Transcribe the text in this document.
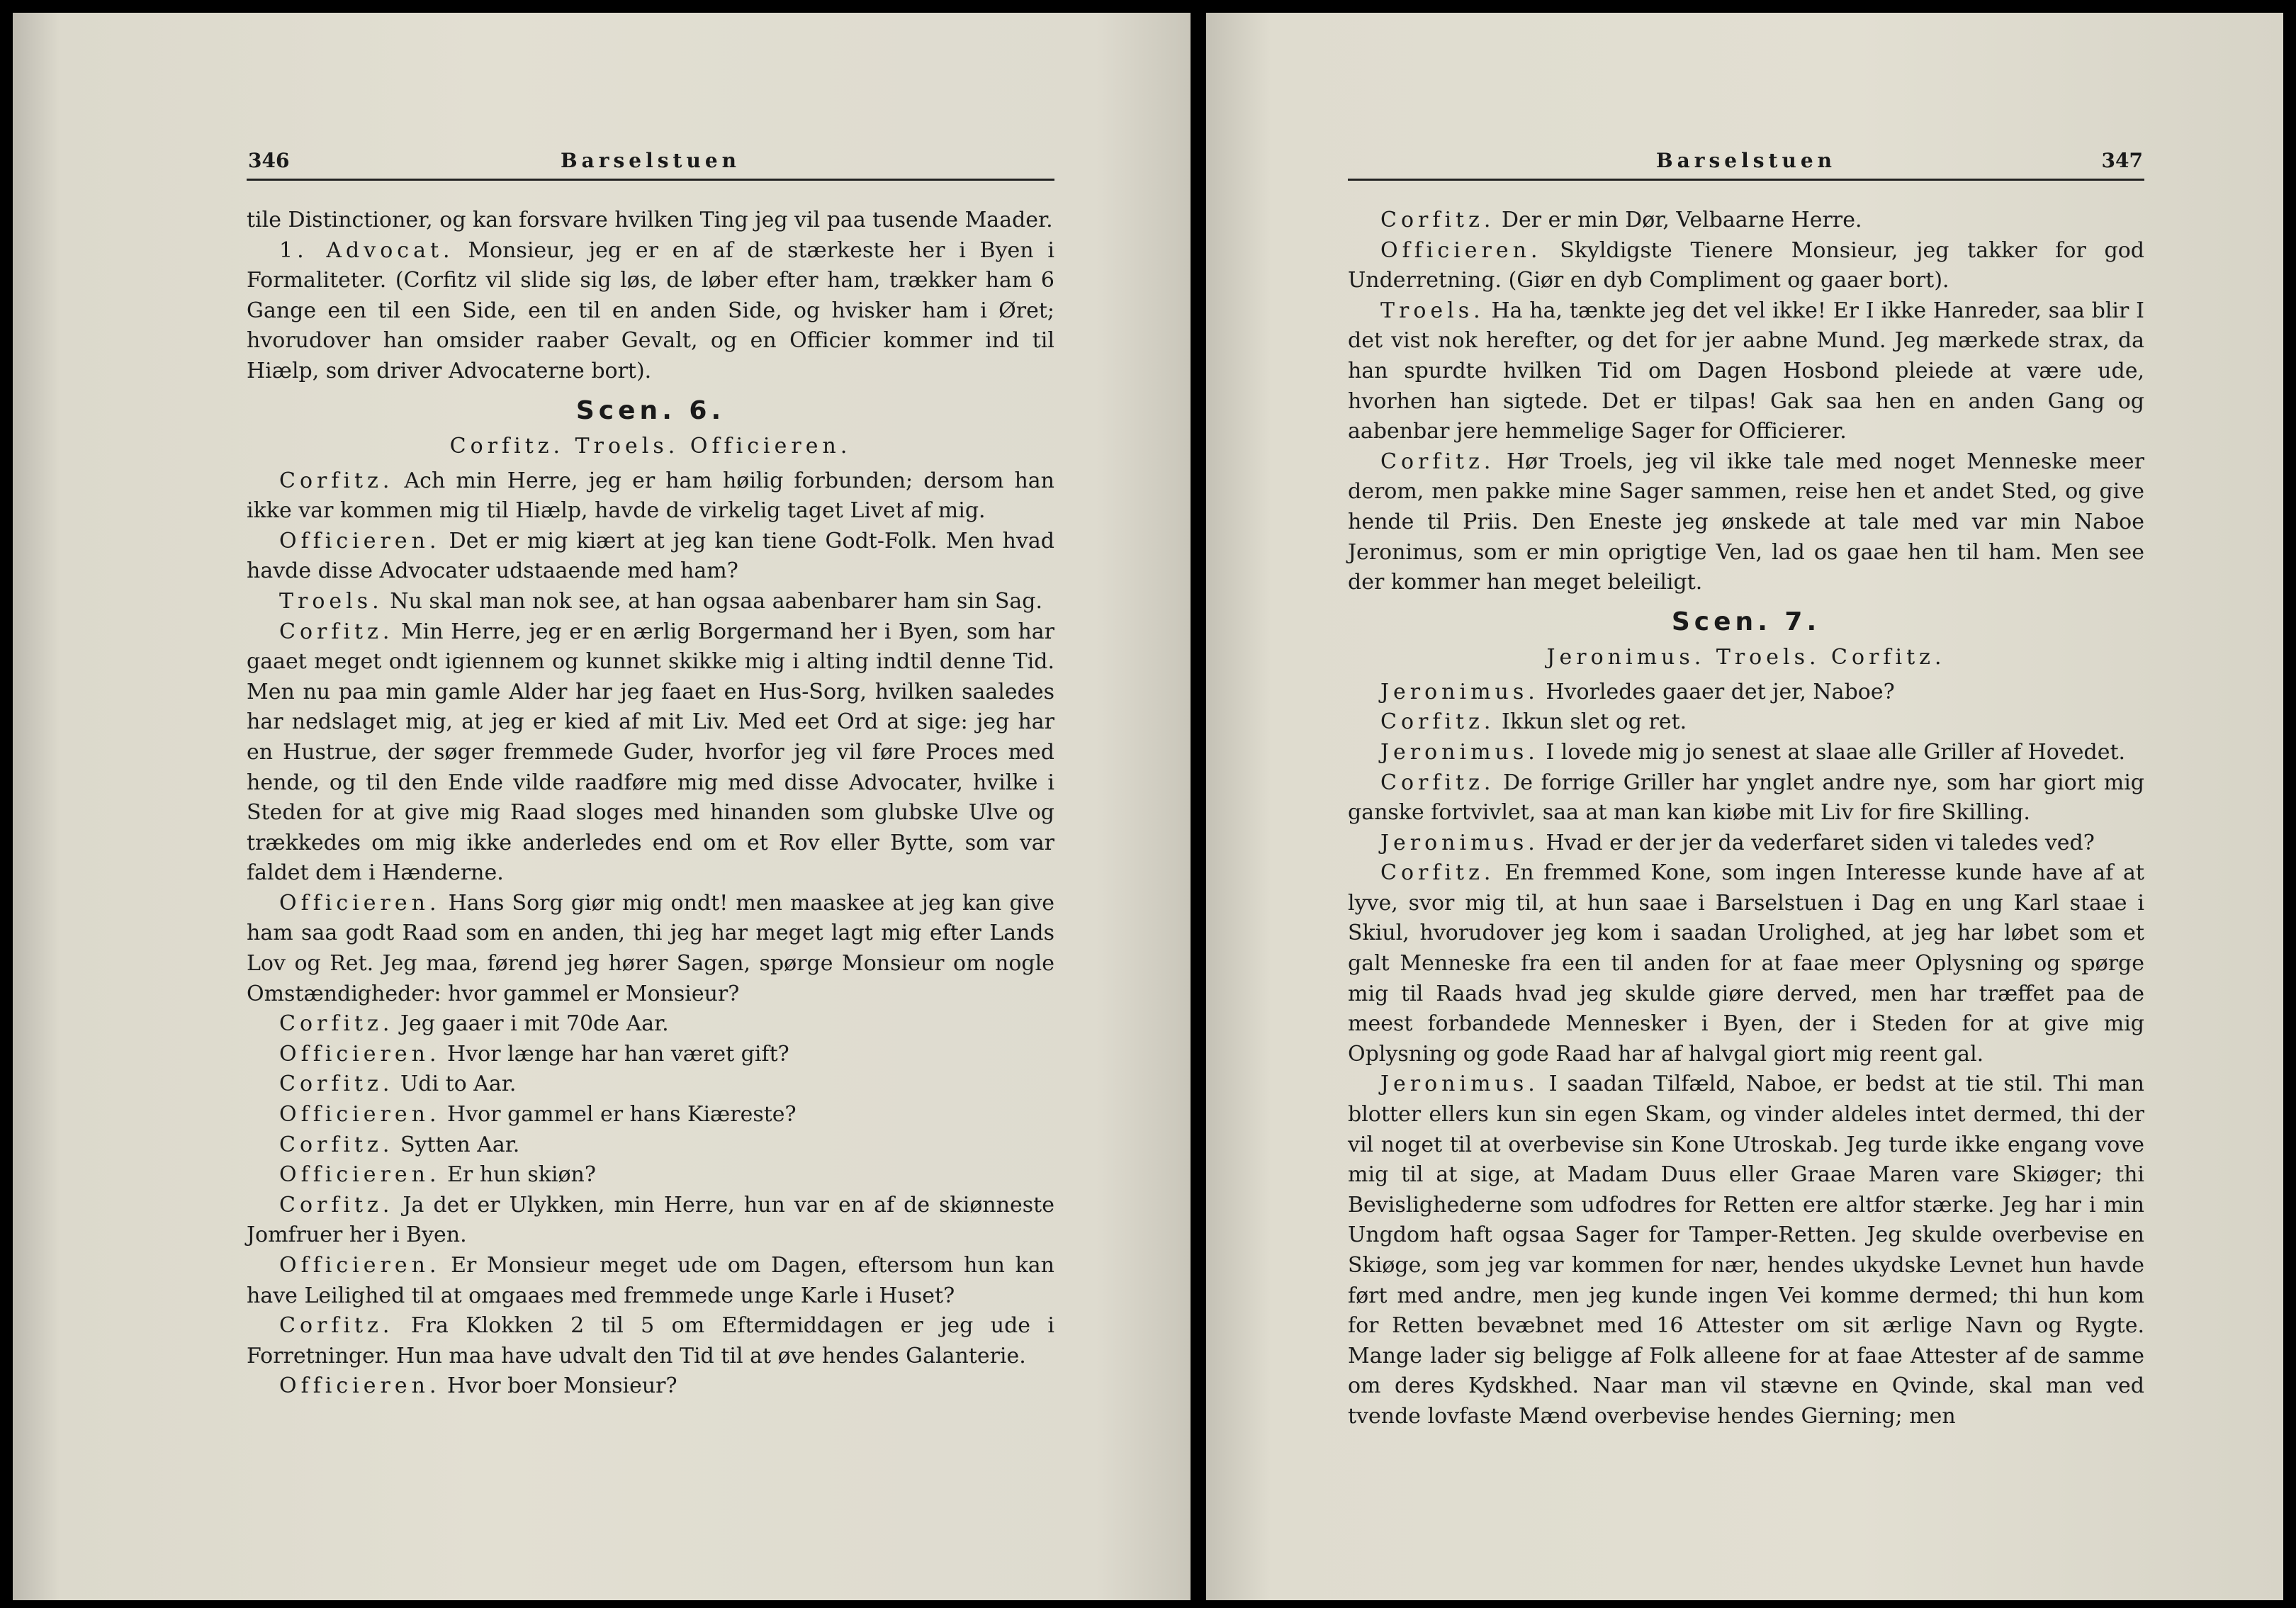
346	Barselstuen

tile Distinctioner, og kan forsvare hvilken Ting jeg vil paa tusende Maader.

1. Advocat. Monsieur, jeg er en af de stærkeste her i Byen i Formaliteter. (Corfitz vil slide sig løs, de løber efter ham, trækker ham 6 Gange een til een Side, een til en anden Side, og hvisker ham i Øret; hvorudover han omsider raaber Gevalt, og en Officier kommer ind til Hiælp, som driver Advocaterne bort).

Scen. 6.
Corfitz. Troels. Officieren.

Corfitz. Ach min Herre, jeg er ham høilig forbunden; dersom han ikke var kommen mig til Hiælp, havde de virkelig taget Livet af mig.

Officieren. Det er mig kiært at jeg kan tiene Godt-Folk. Men hvad havde disse Advocater udstaaende med ham?

Troels. Nu skal man nok see, at han ogsaa aabenbarer ham sin Sag.

Corfitz. Min Herre, jeg er en ærlig Borgermand her i Byen, som har gaaet meget ondt igiennem og kunnet skikke mig i alting indtil denne Tid. Men nu paa min gamle Alder har jeg faaet en Hus-Sorg, hvilken saaledes har nedslaget mig, at jeg er kied af mit Liv. Med eet Ord at sige: jeg har en Hustrue, der søger fremmede Guder, hvorfor jeg vil føre Proces med hende, og til den Ende vilde raadføre mig med disse Advocater, hvilke i Steden for at give mig Raad sloges med hinanden som glubske Ulve og trækkedes om mig ikke anderledes end om et Rov eller Bytte, som var faldet dem i Hænderne.

Officieren. Hans Sorg giør mig ondt! men maaskee at jeg kan give ham saa godt Raad som en anden, thi jeg har meget lagt mig efter Lands Lov og Ret. Jeg maa, førend jeg hører Sagen, spørge Monsieur om nogle Omstændigheder: hvor gammel er Monsieur?

Corfitz. Jeg gaaer i mit 70de Aar.

Officieren. Hvor længe har han været gift?

Corfitz. Udi to Aar.

Officieren. Hvor gammel er hans Kiæreste?

Corfitz. Sytten Aar.

Officieren. Er hun skiøn?

Corfitz. Ja det er Ulykken, min Herre, hun var en af de skiønneste Jomfruer her i Byen.

Officieren. Er Monsieur meget ude om Dagen, eftersom hun kan have Leilighed til at omgaaes med fremmede unge Karle i Huset?

Corfitz. Fra Klokken 2 til 5 om Eftermiddagen er jeg ude i Forretninger. Hun maa have udvalt den Tid til at øve hendes Galanterie.

Officieren. Hvor boer Monsieur?

Barselstuen	347

Corfitz. Der er min Dør, Velbaarne Herre.

Officieren. Skyldigste Tienere Monsieur, jeg takker for god Underretning. (Giør en dyb Compliment og gaaer bort).

Troels. Ha ha, tænkte jeg det vel ikke! Er I ikke Hanreder, saa blir I det vist nok herefter, og det for jer aabne Mund. Jeg mærkede strax, da han spurdte hvilken Tid om Dagen Hosbond pleiede at være ude, hvorhen han sigtede. Det er tilpas! Gak saa hen en anden Gang og aabenbar jere hemmelige Sager for Officierer.

Corfitz. Hør Troels, jeg vil ikke tale med noget Menneske meer derom, men pakke mine Sager sammen, reise hen et andet Sted, og give hende til Priis. Den Eneste jeg ønskede at tale med var min Naboe Jeronimus, som er min oprigtige Ven, lad os gaae hen til ham. Men see der kommer han meget beleiligt.

Scen. 7.
Jeronimus. Troels. Corfitz.

Jeronimus. Hvorledes gaaer det jer, Naboe?

Corfitz. Ikkun slet og ret.

Jeronimus. I lovede mig jo senest at slaae alle Griller af Hovedet.

Corfitz. De forrige Griller har ynglet andre nye, som har giort mig ganske fortvivlet, saa at man kan kiøbe mit Liv for fire Skilling.

Jeronimus. Hvad er der jer da vederfaret siden vi taledes ved?

Corfitz. En fremmed Kone, som ingen Interesse kunde have af at lyve, svor mig til, at hun saae i Barselstuen i Dag en ung Karl staae i Skiul, hvorudover jeg kom i saadan Urolighed, at jeg har løbet som et galt Menneske fra een til anden for at faae meer Oplysning og spørge mig til Raads hvad jeg skulde giøre derved, men har træffet paa de meest forbandede Mennesker i Byen, der i Steden for at give mig Oplysning og gode Raad har af halvgal giort mig reent gal.

Jeronimus. I saadan Tilfæld, Naboe, er bedst at tie stil. Thi man blotter ellers kun sin egen Skam, og vinder aldeles intet dermed, thi der vil noget til at overbevise sin Kone Utroskab. Jeg turde ikke engang vove mig til at sige, at Madam Duus eller Graae Maren vare Skiøger; thi Bevislighederne som udfodres for Retten ere altfor stærke. Jeg har i min Ungdom haft ogsaa Sager for Tamper-Retten. Jeg skulde overbevise en Skiøge, som jeg var kommen for nær, hendes ukydske Levnet hun havde ført med andre, men jeg kunde ingen Vei komme dermed; thi hun kom for Retten bevæbnet med 16 Attester om sit ærlige Navn og Rygte. Mange lader sig beligge af Folk alleene for at faae Attester af de samme om deres Kydskhed. Naar man vil stævne en Qvinde, skal man ved tvende lovfaste Mænd overbevise hendes Gierning; men
